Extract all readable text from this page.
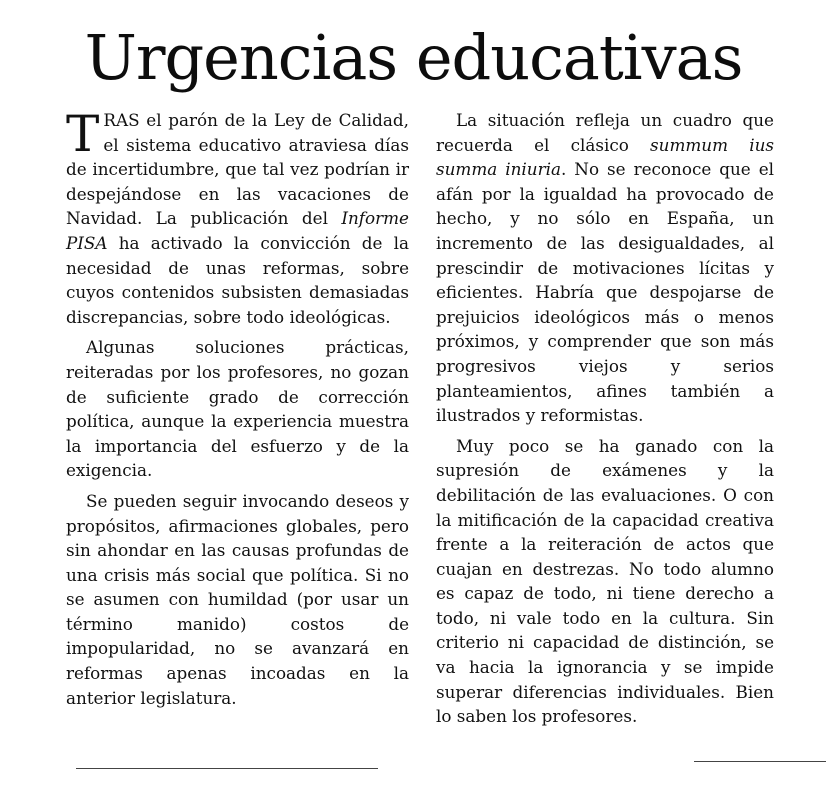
Urgencias educativas

TRAS el parón de la Ley de Calidad, el sistema educativo atraviesa días de incertidumbre, que tal vez podrían ir despejándose en las vacaciones de Navidad. La publicación del Informe PISA ha activado la convicción de la necesidad de unas reformas, sobre cuyos contenidos subsisten demasiadas discrepancias, sobre todo ideológicas.

Algunas soluciones prácticas, reiteradas por los profesores, no gozan de suficiente grado de corrección política, aunque la experiencia muestra la importancia del esfuerzo y de la exigencia.

Se pueden seguir invocando deseos y propósitos, afirmaciones globales, pero sin ahondar en las causas profundas de una crisis más social que política. Si no se asumen con humildad (por usar un término manido) costos de impopularidad, no se avanzará en reformas apenas incoadas en la anterior legislatura.

La situación refleja un cuadro que recuerda el clásico summum ius summa iniuria. No se reconoce que el afán por la igualdad ha provocado de hecho, y no sólo en España, un incremento de las desigualdades, al prescindir de motivaciones lícitas y eficientes. Habría que despojarse de prejuicios ideológicos más o menos próximos, y comprender que son más progresivos viejos y serios planteamientos, afines también a ilustrados y reformistas.

Muy poco se ha ganado con la supresión de exámenes y la debilitación de las evaluaciones. O con la mitificación de la capacidad creativa frente a la reiteración de actos que cuajan en destrezas. No todo alumno es capaz de todo, ni tiene derecho a todo, ni vale todo en la cultura. Sin criterio ni capacidad de distinción, se va hacia la ignorancia y se impide superar diferencias individuales. Bien lo saben los profesores.
